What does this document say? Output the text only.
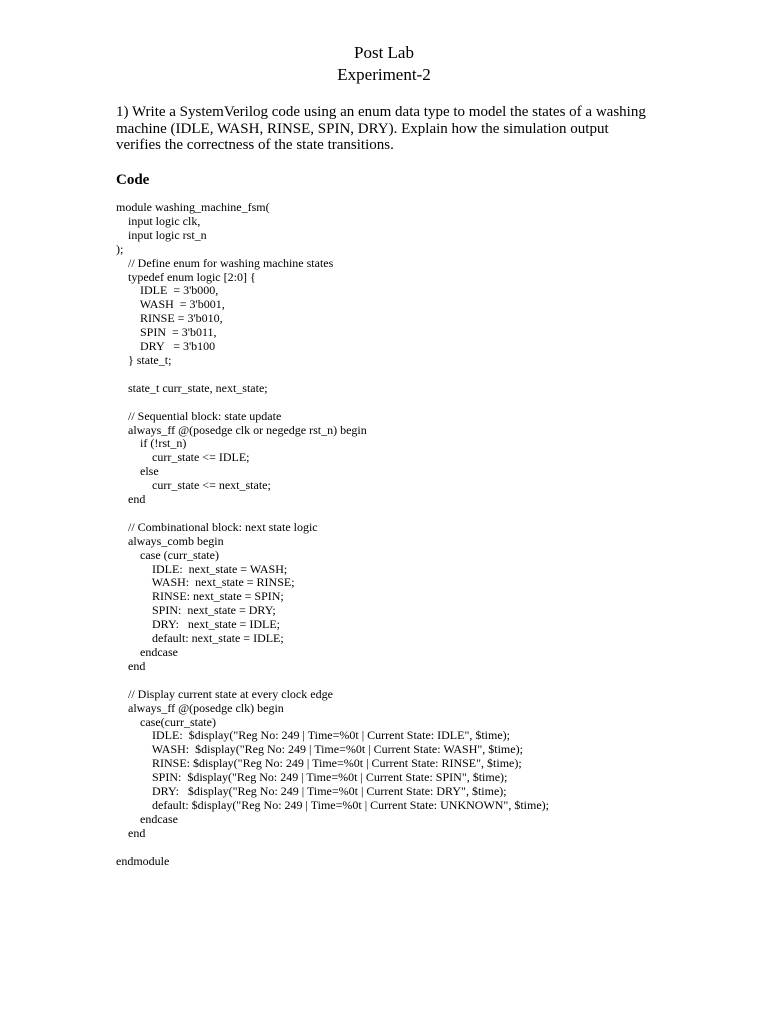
Post Lab
Experiment-2
1) Write a SystemVerilog code using an enum data type to model the states of a washing machine (IDLE, WASH, RINSE, SPIN, DRY). Explain how the simulation output verifies the correctness of the state transitions.
Code
module washing_machine_fsm(
input logic clk,
input logic rst_n
);
// Define enum for washing machine states
typedef enum logic [2:0] {
IDLE  = 3'b000,
WASH  = 3'b001,
RINSE = 3'b010,
SPIN  = 3'b011,
DRY   = 3'b100
} state_t;
state_t curr_state, next_state;
// Sequential block: state update
always_ff @(posedge clk or negedge rst_n) begin
if (!rst_n)
curr_state <= IDLE;
else
curr_state <= next_state;
end
// Combinational block: next state logic
always_comb begin
case (curr_state)
IDLE:  next_state = WASH;
WASH:  next_state = RINSE;
RINSE: next_state = SPIN;
SPIN:  next_state = DRY;
DRY:   next_state = IDLE;
default: next_state = IDLE;
endcase
end
// Display current state at every clock edge
always_ff @(posedge clk) begin
case(curr_state)
IDLE:  $display("Reg No: 249 | Time=%0t | Current State: IDLE", $time);
WASH:  $display("Reg No: 249 | Time=%0t | Current State: WASH", $time);
RINSE: $display("Reg No: 249 | Time=%0t | Current State: RINSE", $time);
SPIN:  $display("Reg No: 249 | Time=%0t | Current State: SPIN", $time);
DRY:   $display("Reg No: 249 | Time=%0t | Current State: DRY", $time);
default: $display("Reg No: 249 | Time=%0t | Current State: UNKNOWN", $time);
endcase
end
endmodule
